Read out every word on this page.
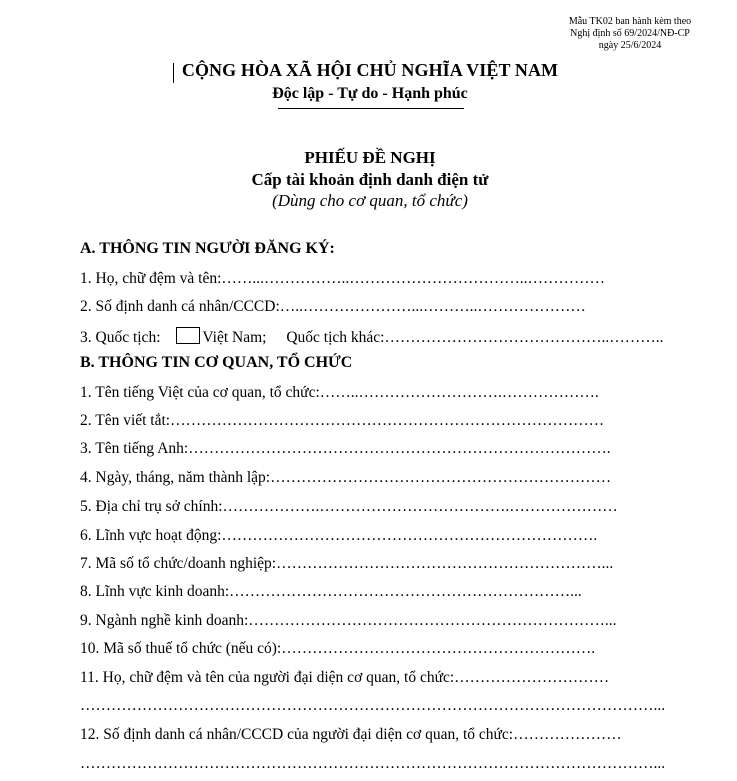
Mẫu TK02 ban hành kèm theo
Nghị định số 69/2024/NĐ-CP
ngày 25/6/2024
CỘNG HÒA XÃ HỘI CHỦ NGHĨA VIỆT NAM
Độc lập - Tự do - Hạnh phúc
PHIẾU ĐỀ NGHỊ
Cấp tài khoản định danh điện tử
(Dùng cho cơ quan, tổ chức)
A. THÔNG TIN NGƯỜI ĐĂNG KÝ:
1. Họ, chữ đệm và tên:……...……………..……………………………..……………
2. Số định danh cá nhân/CCCD:…..…………………...………..…………………
3. Quốc tịch:	Việt Nam; Quốc tịch khác:……………………………………..………..
B. THÔNG TIN CƠ QUAN, TỔ CHỨC
1. Tên tiếng Việt của cơ quan, tổ chức:……..……………………….……………….
2. Tên viết tắt:…………………………………………………………………………
3. Tên tiếng Anh:……………………………………………………………………….
4. Ngày, tháng, năm thành lập:…………………………………………………………
5. Địa chỉ trụ sở chính:……………….……………………………….…………………
6. Lĩnh vực hoạt động:……………………………………………………………….
7. Mã số tổ chức/doanh nghiệp:………………………………………………………...
8. Lĩnh vực kinh doanh:…………………………………………………………...
9. Ngành nghề kinh doanh:……………………………………………………………...
10. Mã số thuế tổ chức (nếu có):…………………………………………………….
11. Họ, chữ đệm và tên của người đại diện cơ quan, tổ chức:…………………………
…………………………………………………………………………………………………...
12. Số định danh cá nhân/CCCD của người đại diện cơ quan, tổ chức:…………………
…………………………………………………………………………………………………...
